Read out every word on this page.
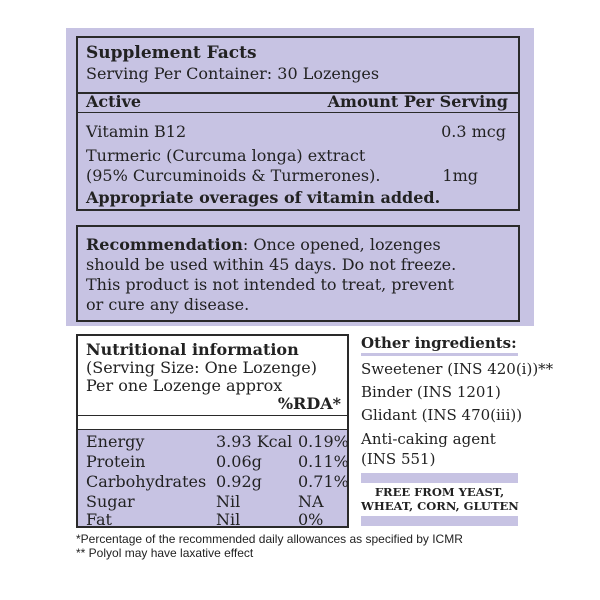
Supplement Facts
Serving Per Container: 30 Lozenges
Active	Amount Per Serving
Vitamin B12	0.3 mcg
Turmeric (Curcuma longa) extract
(95% Curcuminoids & Turmerones).	1mg
Appropriate overages of vitamin added.
Recommendation: Once opened, lozenges
should be used within 45 days. Do not freeze.
This product is not intended to treat, prevent
or cure any disease.
Nutritional information
(Serving Size: One Lozenge)
Per one Lozenge approx
%RDA*
Energy	3.93 Kcal 0.19%
Protein	0.06g 0.11%
Carbohydrates 0.92g 0.71%
Sugar	Nil	NA
Fat	Nil	0%
Other ingredients:
Sweetener (INS 420(i))**
Binder (INS 1201)
Glidant (INS 470(iii))
Anti-caking agent
(INS 551)
FREE FROM YEAST,
WHEAT, CORN, GLUTEN
*Percentage of the recommended daily allowances as specified by ICMR
** Polyol may have laxative effect
